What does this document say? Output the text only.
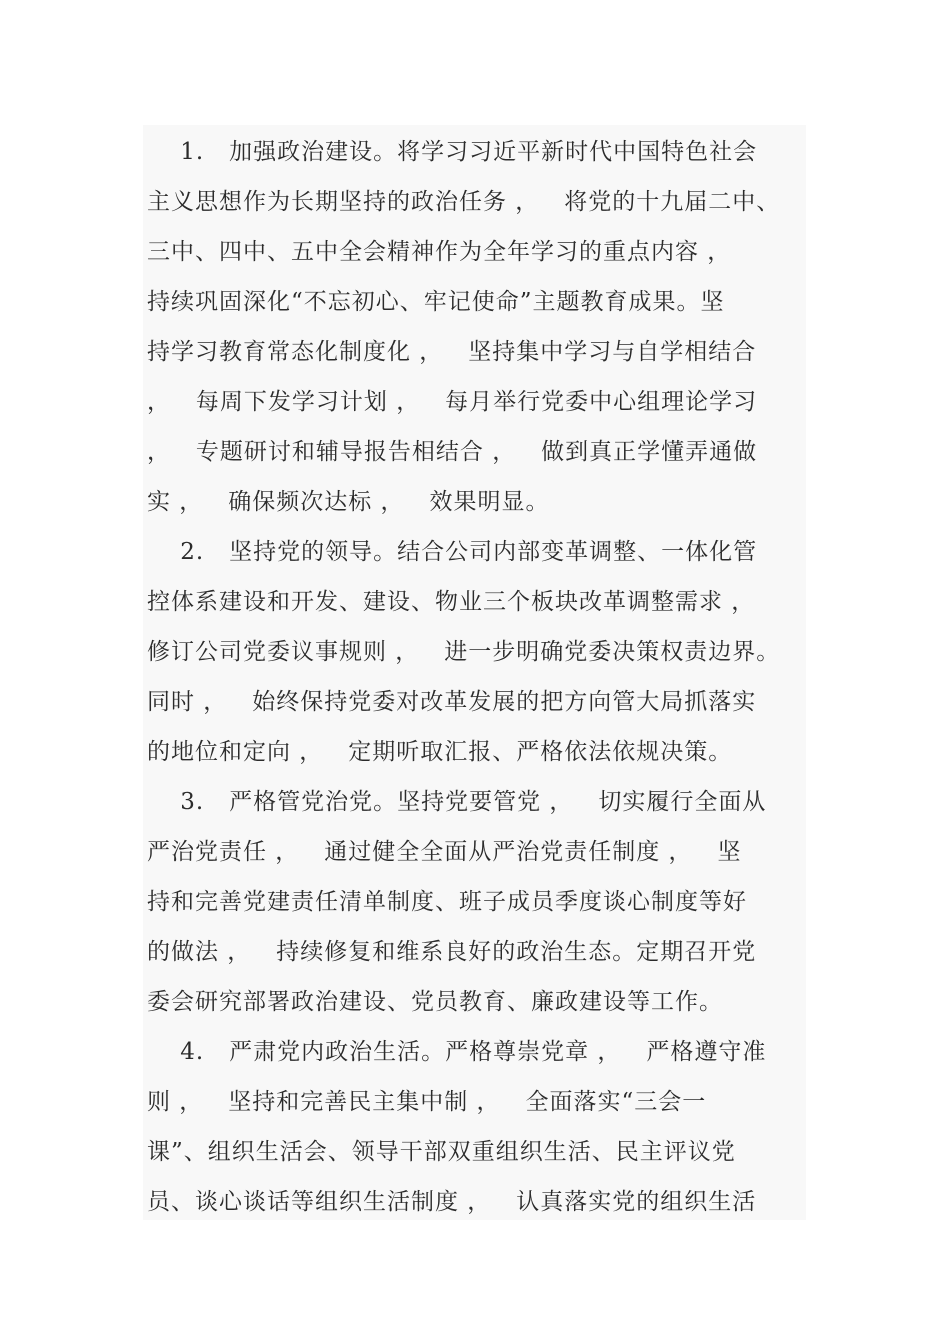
1.   加强政治建设。将学习习近平新时代中国特色社会
主义思想作为长期坚持的政治任务 ，   将党的十九届二中、
三中、四中、五中全会精神作为全年学习的重点内容 ，
持续巩固深化“不忘初心、牢记使命”主题教育成果。坚
持学习教育常态化制度化 ，   坚持集中学习与自学相结合
，   每周下发学习计划 ，   每月举行党委中心组理论学习
，   专题研讨和辅导报告相结合 ，   做到真正学懂弄通做
实 ，   确保频次达标 ，   效果明显。
2.   坚持党的领导。结合公司内部变革调整、一体化管
控体系建设和开发、建设、物业三个板块改革调整需求 ，
修订公司党委议事规则 ，   进一步明确党委决策权责边界。
同时 ，   始终保持党委对改革发展的把方向管大局抓落实
的地位和定向 ，   定期听取汇报、严格依法依规决策。
3.   严格管党治党。坚持党要管党 ，   切实履行全面从
严治党责任 ，   通过健全全面从严治党责任制度 ，   坚
持和完善党建责任清单制度、班子成员季度谈心制度等好
的做法 ，   持续修复和维系良好的政治生态。定期召开党
委会研究部署政治建设、党员教育、廉政建设等工作。
4.   严肃党内政治生活。严格尊崇党章 ，   严格遵守准
则 ，   坚持和完善民主集中制 ，   全面落实“三会一
课”、组织生活会、领导干部双重组织生活、民主评议党
员、谈心谈话等组织生活制度 ，   认真落实党的组织生活
